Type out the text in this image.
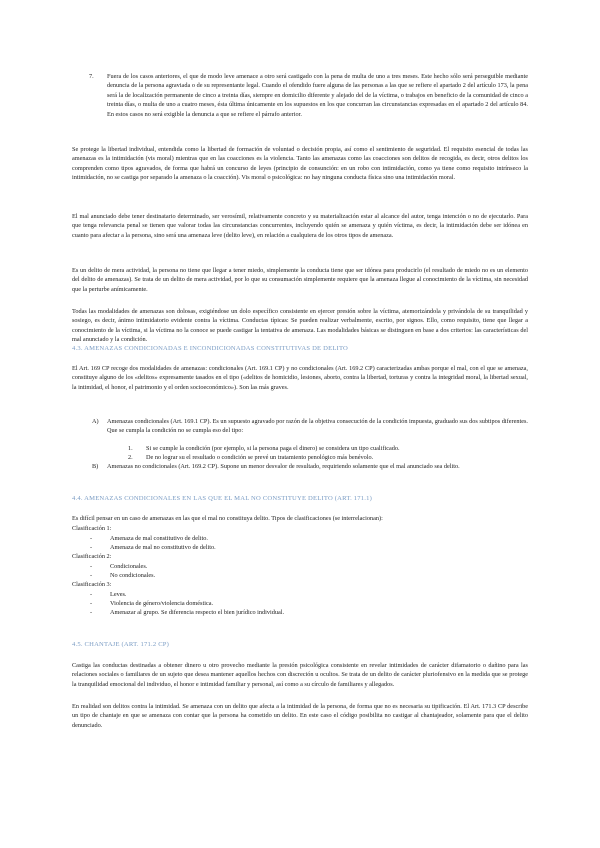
7. Fuera de los casos anteriores, el que de modo leve amenace a otro será castigado con la pena de multa de uno a tres meses. Este hecho sólo será perseguible mediante denuncia de la persona agraviada o de su representante legal. Cuando el ofendido fuere alguna de las personas a las que se refiere el apartado 2 del artículo 173, la pena será la de localización permanente de cinco a treinta días, siempre en domicilio diferente y alejado del de la víctima, o trabajos en beneficio de la comunidad de cinco a treinta días, o multa de uno a cuatro meses, ésta última únicamente en los supuestos en los que concurran las circunstancias expresadas en el apartado 2 del artículo 84. En estos casos no será exigible la denuncia a que se refiere el párrafo anterior.

Se protege la libertad individual, entendida como la libertad de formación de voluntad o decisión propia, así como el sentimiento de seguridad. El requisito esencial de todas las amenazas es la intimidación (vis moral) mientras que en las coacciones es la violencia. Tanto las amenazas como las coacciones son delitos de recogida, es decir, otros delitos los comprenden como tipos agravados, de forma que habrá un concurso de leyes (principio de consunción: en un robo con intimidación, como ya tiene como requisito intrínseco la intimidación, no se castiga por separado la amenaza o la coacción). Vis moral o psicológica: no hay ninguna conducta física sino una intimidación moral.

El mal anunciado debe tener destinatario determinado, ser verosímil, relativamente concreto y su materialización estar al alcance del autor, tenga intención o no de ejecutarlo. Para que tenga relevancia penal se tienen que valorar todas las circunstancias concurrentes, incluyendo quién se amenaza y quién víctima, es decir, la intimidación debe ser idónea en cuanto para afectar a la persona, sino será una amenaza leve (delito leve), en relación a cualquiera de los otros tipos de amenaza.

Es un delito de mera actividad, la persona no tiene que llegar a tener miedo, simplemente la conducta tiene que ser idónea para producirlo (el resultado de miedo no es un elemento del delito de amenazas). Se trata de un delito de mera actividad, por lo que su consumación simplemente requiere que la amenaza llegue al conocimiento de la víctima, sin necesidad que la perturbe anímicamente.

Todas las modalidades de amenazas son dolosas, exigiéndose un dolo específico consistente en ejercer presión sobre la víctima, atemorizándola y privándola de su tranquilidad y sosiego, es decir, ánimo intimidatorio evidente contra la víctima. Conductas típicas: Se pueden realizar verbalmente, escrito, por signos. Ello, como requisito, tiene que llegar a conocimiento de la víctima, si la víctima no la conoce se puede castigar la tentativa de amenaza. Las modalidades básicas se distinguen en base a dos criterios: las características del mal anunciado y la condición.

4.3. AMENAZAS CONDICIONADAS E INCONDICIONADAS CONSTITUTIVAS DE DELITO

El Art. 169 CP recoge dos modalidades de amenazas: condicionales (Art. 169.1 CP) y no condicionales (Art. 169.2 CP) caracterizadas ambas porque el mal, con el que se amenaza, constituye alguno de los «delitos» expresamente tasados en el tipo («delitos de homicidio, lesiones, aborto, contra la libertad, torturas y contra la integridad moral, la libertad sexual, la intimidad, el honor, el patrimonio y el orden socioeconómico»). Son las más graves.

A) Amenazas condicionales (Art. 169.1 CP). Es un supuesto agravado por razón de la objetiva consecución de la condición impuesta, graduado sus dos subtipos diferentes. Que se cumpla la condición no se cumpla eso del tipo:

1. Si se cumple la condición (por ejemplo, si la persona paga el dinero) se considera un tipo cualificado.
2. De no lograr su el resultado o condición se prevé un tratamiento penológico más benévolo.
B) Amenazas no condicionales (Art. 169.2 CP). Supone un menor desvalor de resultado, requiriendo solamente que el mal anunciado sea delito.

4.4. AMENAZAS CONDICIONALES EN LAS QUE EL MAL NO CONSTITUYE DELITO (ART. 171.1)
Es difícil pensar en un caso de amenazas en las que el mal no constituya delito. Tipos de clasificaciones (se interrelacionan):
Clasificación 1:
-	Amenaza de mal constitutivo de delito.
-	Amenaza de mal no constitutivo de delito.
Clasificación 2:
-	Condicionales.
-	No condicionales.
Clasificación 3:
-	Leves.
-	Violencia de género/violencia doméstica.
-	Amenazar al grupo. Se diferencia respecto el bien jurídico individual.
4.5. CHANTAJE (ART. 171.2 CP)

Castiga las conductas destinadas a obtener dinero u otro provecho mediante la presión psicológica consistente en revelar intimidades de carácter difamatorio o dañino para las relaciones sociales o familiares de un sujeto que desea mantener aquellos hechos con discreción u ocultos. Se trata de un delito de carácter pluriofensivo en la medida que se protege la tranquilidad emocional del individuo, el honor e intimidad familiar y personal, así como a su círculo de familiares y allegados.

En realidad son delitos contra la intimidad. Se amenaza con un delito que afecta a la intimidad de la persona, de forma que no es necesaria su tipificación. El Art. 171.3 CP describe un tipo de chantaje en que se amenaza con contar que la persona ha cometido un delito. En este caso el código posibilita no castigar al chantajeador, solamente para que el delito denunciado.
